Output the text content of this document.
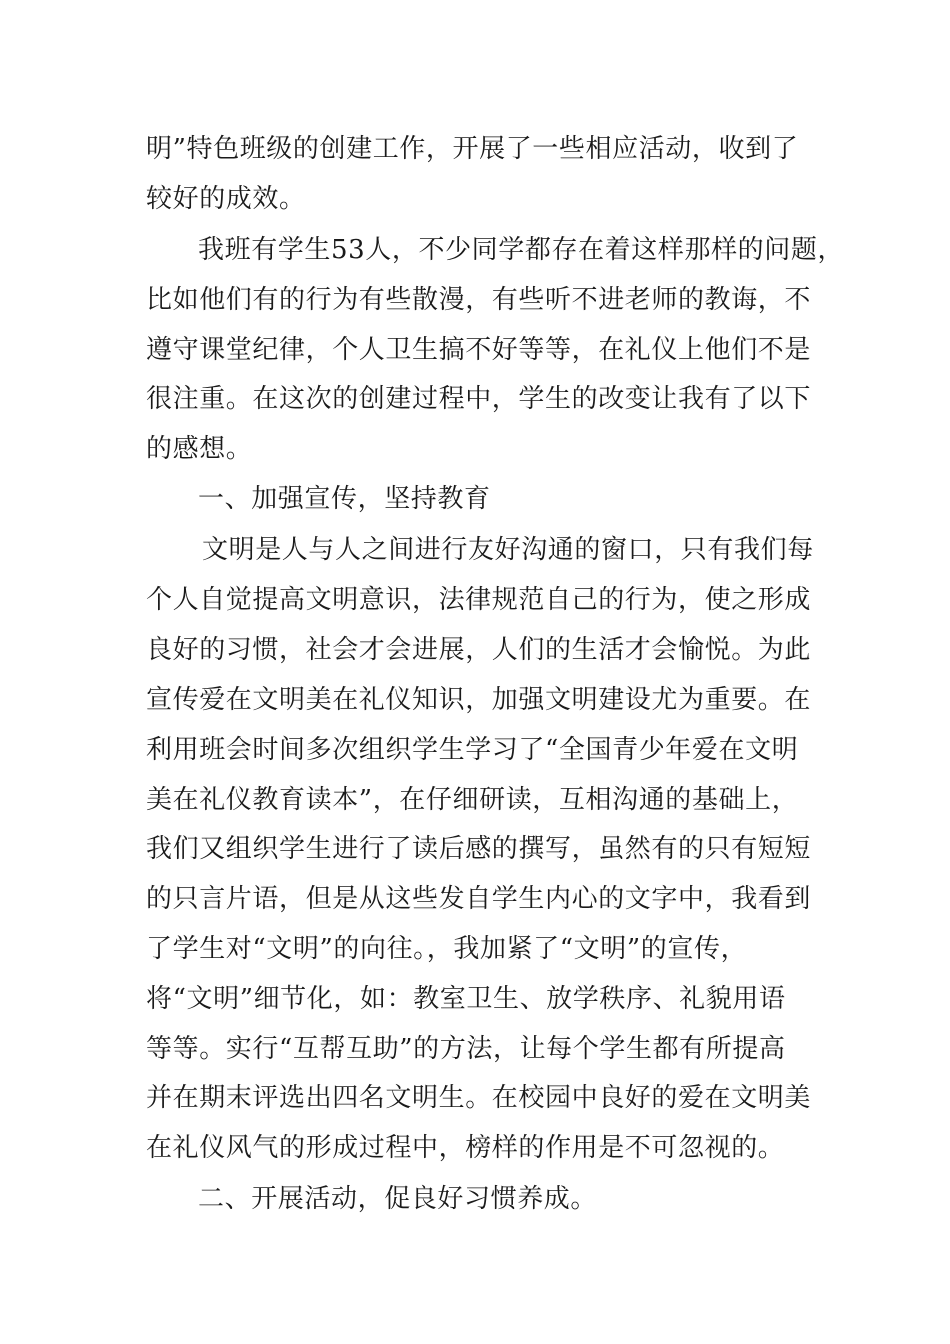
明”特色班级的创建工作，开展了一些相应活动，收到了

较好的成效。

我班有学生53人，不少同学都存在着这样那样的问题，

比如他们有的行为有些散漫，有些听不进老师的教诲，不

遵守课堂纪律，个人卫生搞不好等等，在礼仪上他们不是

很注重。在这次的创建过程中，学生的改变让我有了以下

的感想。

一、加强宣传，坚持教育

文明是人与人之间进行友好沟通的窗口，只有我们每

个人自觉提高文明意识，法律规范自己的行为，使之形成

良好的习惯，社会才会进展，人们的生活才会愉悦。为此

宣传爱在文明美在礼仪知识，加强文明建设尤为重要。在

利用班会时间多次组织学生学习了“全国青少年爱在文明

美在礼仪教育读本”，在仔细研读，互相沟通的基础上，

我们又组织学生进行了读后感的撰写，虽然有的只有短短

的只言片语，但是从这些发自学生内心的文字中，我看到

了学生对“文明”的向往。，我加紧了“文明”的宣传，

将“文明”细节化，如：教室卫生、放学秩序、礼貌用语

等等。实行“互帮互助”的方法，让每个学生都有所提高

并在期末评选出四名文明生。在校园中良好的爱在文明美

在礼仪风气的形成过程中，榜样的作用是不可忽视的。

二、开展活动，促良好习惯养成。
